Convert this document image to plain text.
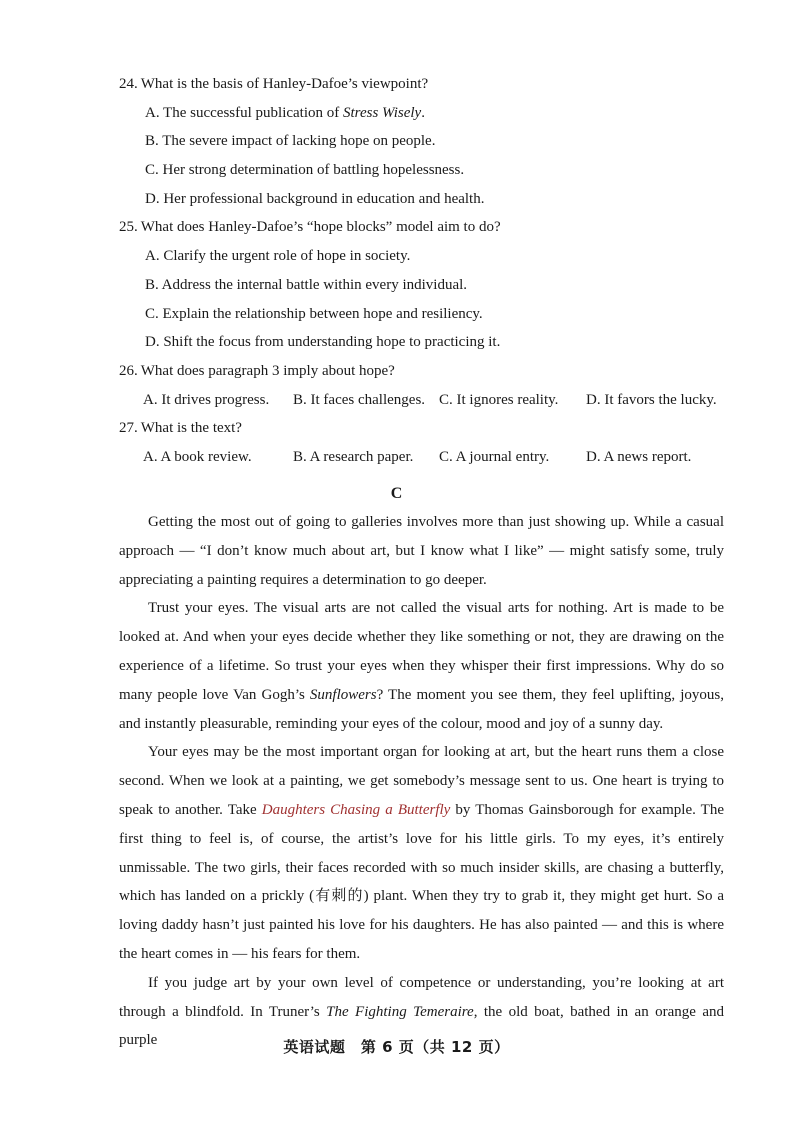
24. What is the basis of Hanley-Dafoe’s viewpoint?
A. The successful publication of Stress Wisely.
B. The severe impact of lacking hope on people.
C. Her strong determination of battling hopelessness.
D. Her professional background in education and health.
25. What does Hanley-Dafoe’s “hope blocks” model aim to do?
A. Clarify the urgent role of hope in society.
B. Address the internal battle within every individual.
C. Explain the relationship between hope and resiliency.
D. Shift the focus from understanding hope to practicing it.
26. What does paragraph 3 imply about hope?
A. It drives progress. B. It faces challenges. C. It ignores reality. D. It favors the lucky.
27. What is the text?
A. A book review.	B. A research paper. C. A journal entry. D. A news report.
C

Getting the most out of going to galleries involves more than just showing up. While a casual approach — “I don’t know much about art, but I know what I like” — might satisfy some, truly appreciating a painting requires a determination to go deeper.

Trust your eyes. The visual arts are not called the visual arts for nothing. Art is made to be looked at. And when your eyes decide whether they like something or not, they are drawing on the experience of a lifetime. So trust your eyes when they whisper their first impressions. Why do so many people love Van Gogh’s Sunflowers? The moment you see them, they feel uplifting, joyous, and instantly pleasurable, reminding your eyes of the colour, mood and joy of a sunny day.

Your eyes may be the most important organ for looking at art, but the heart runs them a close second. When we look at a painting, we get somebody’s message sent to us. One heart is trying to speak to another. Take Daughters Chasing a Butterfly by Thomas Gainsborough for example. The first thing to feel is, of course, the artist’s love for his little girls. To my eyes, it’s entirely unmissable. The two girls, their faces recorded with so much insider skills, are chasing a butterfly, which has landed on a prickly (有刺的) plant. When they try to grab it, they might get hurt. So a loving daddy hasn’t just painted his love for his daughters. He has also painted — and this is where the heart comes in — his fears for them.

If you judge art by your own level of competence or understanding, you’re looking at art through a blindfold. In Truner’s The Fighting Temeraire, the old boat, bathed in an orange and purple	英语试题　第 6 页（共 12 页）
